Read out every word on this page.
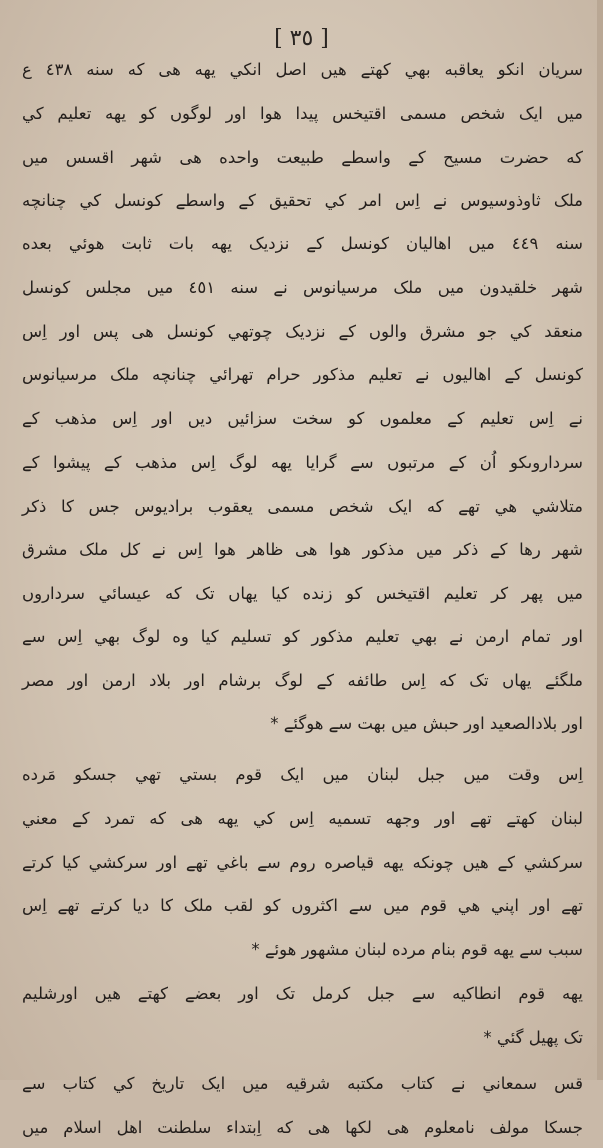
[ ٣٥ ]
سریان انکو یعاقبه بهي کهتے هیں اصل انکي یهه هی که سنه ٤٣٨ ع
میں ایک شخص مسمی اقتیخس پیدا هوا اور لوگوں کو یهه تعلیم کي
که حضرت مسیح کے واسطے طبیعت واحده هی شهر اقسس میں
ملک ثاوذوسیوس نے اِس امر کي تحقیق کے واسطے کونسل کي چنانچه
سنه ٤٤٩ میں اهالیان کونسل کے نزدیک یهه بات ثابت هوئي بعده
شهر خلقیدون میں ملک مرسیانوس نے سنه ٤٥١ میں مجلس کونسل
منعقد کي جو مشرق والوں کے نزدیک چوتهي کونسل هی پس اور اِس
کونسل کے اهالیوں نے تعلیم مذکور حرام تهرائي چنانچه ملک مرسیانوس
نے اِس تعلیم کے معلموں کو سخت سزائیں دیں اور اِس مذهب کے
سرداروںکو اُن کے مرتبوں سے گرایا یهه لوگ اِس مذهب کے پیشوا کے
متلاشي هي تهے که ایک شخص مسمی یعقوب برادیوس جس کا ذکر
شهر رها کے ذکر میں مذکور هوا هی ظاهر هوا اِس نے کل ملک مشرق
میں پهر کر تعلیم اقتیخس کو زنده کیا یهاں تک که عیسائي سرداروں
اور تمام ارمن نے بهي تعلیم مذکور کو تسلیم کیا وه لوگ بهي اِس سے
ملگئے یهاں تک که اِس طائفه کے لوگ برشام اور بلاد ارمن اور مصر
اور بلادالصعید اور حبش میں بهت سے هوگئے *
اِس وقت میں جبل لبنان میں ایک قوم بستي تهي جسکو مَرده
لبنان کهتے تهے اور وجهه تسمیه اِس کي یهه هی که تمرد کے معني
سرکشي کے هیں چونکه یهه قیاصره روم سے باغي تهے اور سرکشي کیا کرتے
تهے اور اپني هي قوم میں سے اکثروں کو لقب ملک کا دیا کرتے تهے اِس
سبب سے یهه قوم بنام مرده لبنان مشهور هوئے *
یهه قوم انطاکیه سے جبل کرمل تک اور بعضے کهتے هیں اورشلیم
تک پهیل گئي *
قس سمعاني نے کتاب مکتبه شرقیه میں ایک تاریخ کي کتاب سے
جسکا مولف نامعلوم هی لکها هی که اِبتداء سلطنت اهل اسلام میں
